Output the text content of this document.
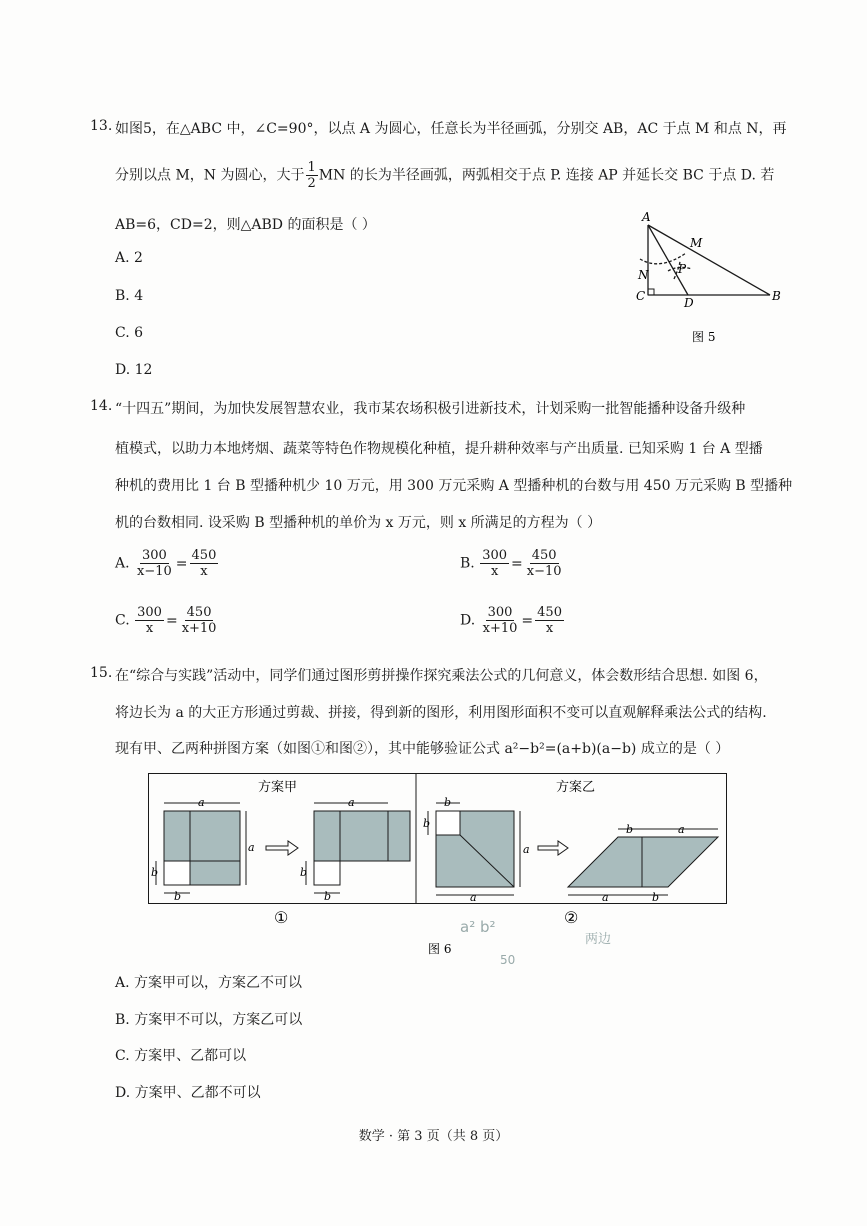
13. 如图5，在△ABC 中，∠C=90°，以点 A 为圆心，任意长为半径画弧，分别交 AB，AC 于点 M 和点 N，再
分别以点 M，N 为圆心，大于 $\frac{1}{2}$ MN 的长为半径画弧，两弧相交于点 P. 连接 AP 并延长交 BC 于点 D. 若
AB=6，CD=2，则△ABD 的面积是（ ）
A. 2
B. 4
C. 6
D. 12
A
M
N P
C	D	B
图 5
14. “十四五”期间，为加快发展智慧农业，我市某农场积极引进新技术，计划采购一批智能播种设备升级种
植模式，以助力本地烤烟、蔬菜等特色作物规模化种植，提升耕种效率与产出质量. 已知采购 1 台 A 型播
种机的费用比 1 台 B 型播种机少 10 万元，用 300 万元采购 A 型播种机的台数与用 450 万元采购 B 型播种
机的台数相同. 设采购 B 型播种机的单价为 x 万元，则 x 所满足的方程为（ ）
A. $\frac{300}{x-10} = \frac{450}{x}$	B. $\frac{300}{x} = \frac{450}{x-10}$
C. $\frac{300}{x} = \frac{450}{x+10}$	D. $\frac{300}{x+10} = \frac{450}{x}$
15. 在“综合与实践”活动中，同学们通过图形剪拼操作探究乘法公式的几何意义，体会数形结合思想. 如图 6，
将边长为 a 的大正方形通过剪裁、拼接，得到新的图形，利用图形面积不变可以直观解释乘法公式的结构.
现有甲、乙两种拼图方案（如图①和图②），其中能够验证公式 a²−b²=(a+b)(a−b) 成立的是（ ）
方案甲	方案乙
a
a
b
b
a
b
b
b
b
a
a
b	a
a	b
①	②
图 6
a² b²
50
两边
A. 方案甲可以，方案乙不可以
B. 方案甲不可以，方案乙可以
C. 方案甲、乙都可以
D. 方案甲、乙都不可以
数学 · 第 3 页（共 8 页）
